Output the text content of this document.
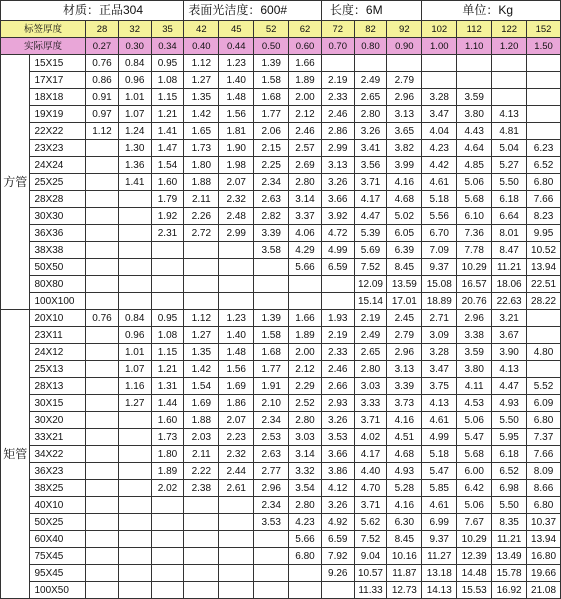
材质：正品304					表面光洁度：600#				长度：6M			单位：Kg			
标签厚度		28	32	35	42	45	52	62	72	82	92	102	112	122	152
实际厚度		0.27	0.30	0.34	0.40	0.44	0.50	0.60	0.70	0.80	0.90	1.00	1.10	1.20	1.50
方管	15X15	0.76	0.84	0.95	1.12	1.23	1.39	1.66							
	17X17	0.86	0.96	1.08	1.27	1.40	1.58	1.89	2.19	2.49	2.79				
	18X18	0.91	1.01	1.15	1.35	1.48	1.68	2.00	2.33	2.65	2.96	3.28	3.59		
	19X19	0.97	1.07	1.21	1.42	1.56	1.77	2.12	2.46	2.80	3.13	3.47	3.80	4.13	
	22X22	1.12	1.24	1.41	1.65	1.81	2.06	2.46	2.86	3.26	3.65	4.04	4.43	4.81	
	23X23		1.30	1.47	1.73	1.90	2.15	2.57	2.99	3.41	3.82	4.23	4.64	5.04	6.23
	24X24		1.36	1.54	1.80	1.98	2.25	2.69	3.13	3.56	3.99	4.42	4.85	5.27	6.52
	25X25		1.41	1.60	1.88	2.07	2.34	2.80	3.26	3.71	4.16	4.61	5.06	5.50	6.80
	28X28			1.79	2.11	2.32	2.63	3.14	3.66	4.17	4.68	5.18	5.68	6.18	7.66
	30X30			1.92	2.26	2.48	2.82	3.37	3.92	4.47	5.02	5.56	6.10	6.64	8.23
	36X36			2.31	2.72	2.99	3.39	4.06	4.72	5.39	6.05	6.70	7.36	8.01	9.95
	38X38						3.58	4.29	4.99	5.69	6.39	7.09	7.78	8.47	10.52
	50X50							5.66	6.59	7.52	8.45	9.37	10.29	11.21	13.94
	80X80									12.09	13.59	15.08	16.57	18.06	22.51
	100X100									15.14	17.01	18.89	20.76	22.63	28.22
矩管	20X10	0.76	0.84	0.95	1.12	1.23	1.39	1.66	1.93	2.19	2.45	2.71	2.96	3.21	
	23X11		0.96	1.08	1.27	1.40	1.58	1.89	2.19	2.49	2.79	3.09	3.38	3.67	
	24X12		1.01	1.15	1.35	1.48	1.68	2.00	2.33	2.65	2.96	3.28	3.59	3.90	4.80
	25X13		1.07	1.21	1.42	1.56	1.77	2.12	2.46	2.80	3.13	3.47	3.80	4.13	
	28X13		1.16	1.31	1.54	1.69	1.91	2.29	2.66	3.03	3.39	3.75	4.11	4.47	5.52
	30X15		1.27	1.44	1.69	1.86	2.10	2.52	2.93	3.33	3.73	4.13	4.53	4.93	6.09
	30X20			1.60	1.88	2.07	2.34	2.80	3.26	3.71	4.16	4.61	5.06	5.50	6.80
	33X21			1.73	2.03	2.23	2.53	3.03	3.53	4.02	4.51	4.99	5.47	5.95	7.37
	34X22			1.80	2.11	2.32	2.63	3.14	3.66	4.17	4.68	5.18	5.68	6.18	7.66
	36X23			1.89	2.22	2.44	2.77	3.32	3.86	4.40	4.93	5.47	6.00	6.52	8.09
	38X25			2.02	2.38	2.61	2.96	3.54	4.12	4.70	5.28	5.85	6.42	6.98	8.66
	40X10						2.34	2.80	3.26	3.71	4.16	4.61	5.06	5.50	6.80
	50X25						3.53	4.23	4.92	5.62	6.30	6.99	7.67	8.35	10.37
	60X40							5.66	6.59	7.52	8.45	9.37	10.29	11.21	13.94
	75X45							6.80	7.92	9.04	10.16	11.27	12.39	13.49	16.80
	95X45								9.26	10.57	11.87	13.18	14.48	15.78	19.66
	100X50									11.33	12.73	14.13	15.53	16.92	21.08
